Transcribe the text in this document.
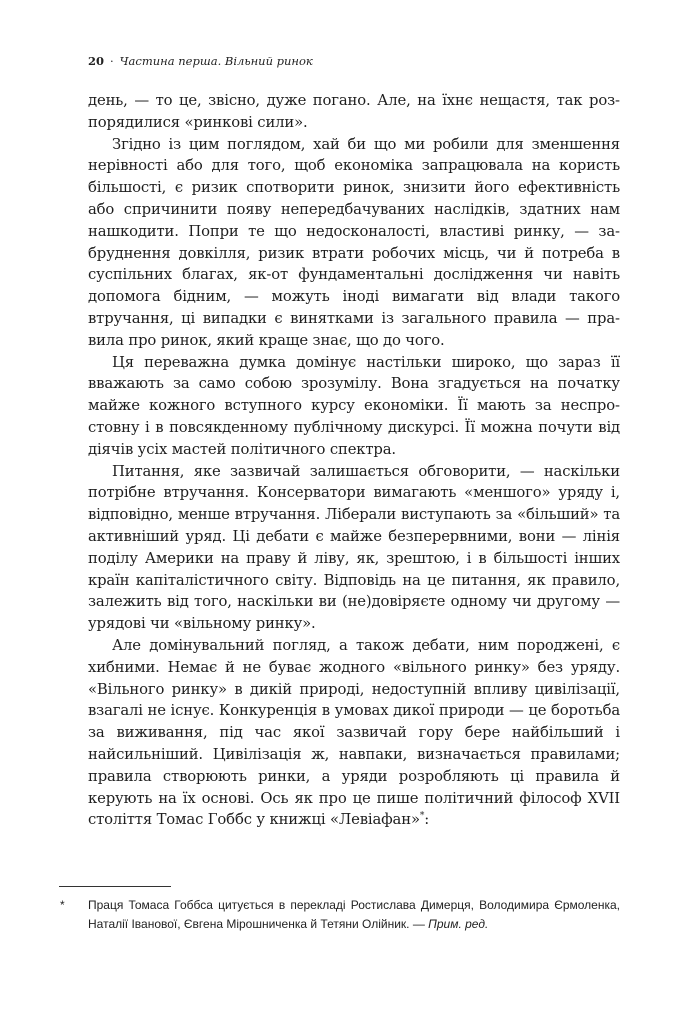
20 · Частина перша. Вільний ринок

день, — то це, звісно, дуже погано. Але, на їхнє нещастя, так розпорядилися «ринкові сили».

Згідно із цим поглядом, хай би що ми робили для зменшення нерівності або для того, щоб економіка запрацювала на користь більшості, є ризик спотворити ринок, знизити його ефективність або спричинити появу непередбачуваних наслідків, здатних нам нашкодити. Попри те що недосконалості, властиві ринку, — забруднення довкілля, ризик втрати робочих місць, чи й потреба в суспільних благах, як-от фундаментальні дослідження чи навіть допомога бідним, — можуть іноді вимагати від влади такого втручання, ці випадки є винятками із загального правила — правила про ринок, який краще знає, що до чого.

Ця переважна думка домінує настільки широко, що зараз її вважають за само собою зрозумілу. Вона згадується на початку майже кожного вступного курсу економіки. Її мають за неспростовну і в повсякденному публічному дискурсі. Її можна почути від діячів усіх мастей політичного спектра.

Питання, яке зазвичай залишається обговорити, — наскільки потрібне втручання. Консерватори вимагають «меншого» уряду і, відповідно, менше втручання. Ліберали виступають за «більший» та активніший уряд. Ці дебати є майже безперервними, вони — лінія поділу Америки на праву й ліву, як, зрештою, і в більшості інших країн капіталістичного світу. Відповідь на це питання, як правило, залежить від того, наскільки ви (не)довіряєте одному чи другому — урядові чи «вільному ринку».

Але домінувальний погляд, а також дебати, ним породжені, є хибними. Немає й не буває жодного «вільного ринку» без уряду. «Вільного ринку» в дикій природі, недоступній впливу цивілізації, взагалі не існує. Конкуренція в умовах дикої природи — це боротьба за виживання, під час якої зазвичай гору бере найбільший і найсильніший. Цивілізація ж, навпаки, визначається правилами; правила створюють ринки, а уряди розробляють ці правила й керують на їх основі. Ось як про це пише політичний філософ XVII століття Томас Гоббс у книжці «Левіафан»*:

*	Праця Томаса Гоббса цитується в перекладі Ростислава Димерця, Володимира Єрмоленка, Наталії Іванової, Євгена Мірошниченка й Тетяни Олійник. — Прим. ред.
